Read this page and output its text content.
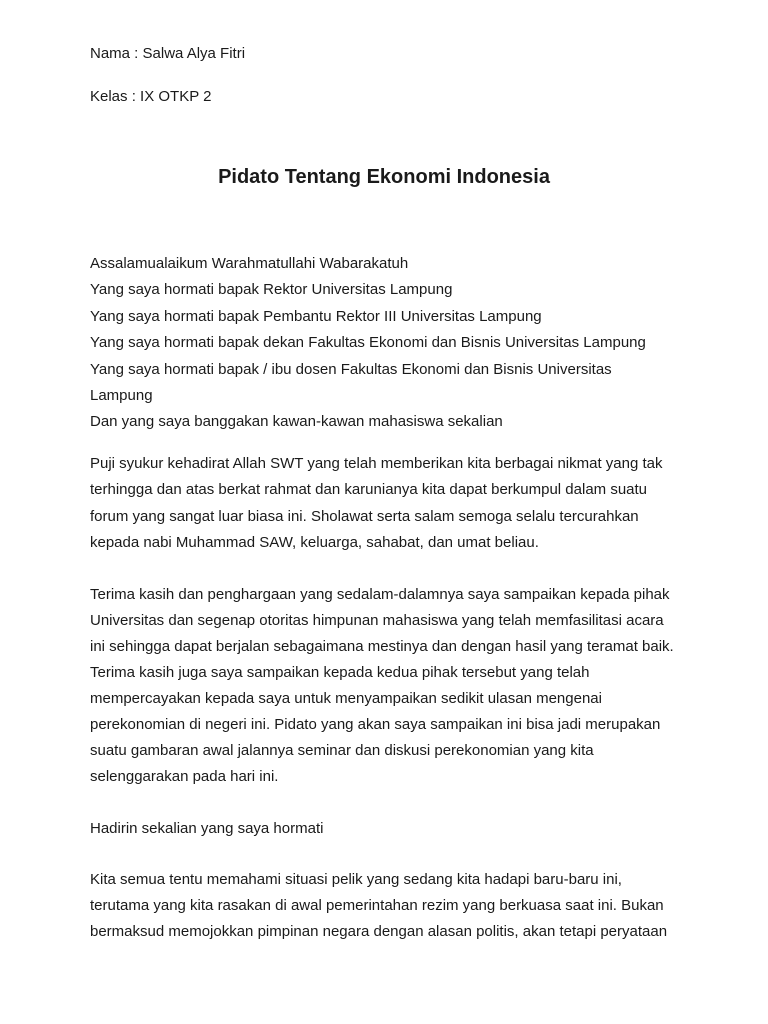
Nama : Salwa Alya Fitri
Kelas : IX OTKP 2
Pidato Tentang Ekonomi Indonesia
Assalamualaikum Warahmatullahi Wabarakatuh
Yang saya hormati bapak Rektor Universitas Lampung
Yang saya hormati bapak Pembantu Rektor III Universitas Lampung
Yang saya hormati bapak dekan Fakultas Ekonomi dan Bisnis Universitas Lampung
Yang saya hormati bapak / ibu dosen Fakultas Ekonomi dan Bisnis Universitas
Lampung
Dan yang saya banggakan kawan-kawan mahasiswa sekalian
Puji syukur kehadirat Allah SWT yang telah memberikan kita berbagai nikmat yang tak
terhingga dan atas berkat rahmat dan karunianya kita dapat berkumpul dalam suatu
forum yang sangat luar biasa ini. Sholawat serta salam semoga selalu tercurahkan
kepada nabi Muhammad SAW, keluarga, sahabat, dan umat beliau.
Terima kasih dan penghargaan yang sedalam-dalamnya saya sampaikan kepada pihak
Universitas dan segenap otoritas himpunan mahasiswa yang telah memfasilitasi acara
ini sehingga dapat berjalan sebagaimana mestinya dan dengan hasil yang teramat baik.
Terima kasih juga saya sampaikan kepada kedua pihak tersebut yang telah
mempercayakan kepada saya untuk menyampaikan sedikit ulasan mengenai
perekonomian di negeri ini. Pidato yang akan saya sampaikan ini bisa jadi merupakan
suatu gambaran awal jalannya seminar dan diskusi perekonomian yang kita
selenggarakan pada hari ini.
Hadirin sekalian yang saya hormati
Kita semua tentu memahami situasi pelik yang sedang kita hadapi baru-baru ini,
terutama yang kita rasakan di awal pemerintahan rezim yang berkuasa saat ini. Bukan
bermaksud memojokkan pimpinan negara dengan alasan politis, akan tetapi peryataan
